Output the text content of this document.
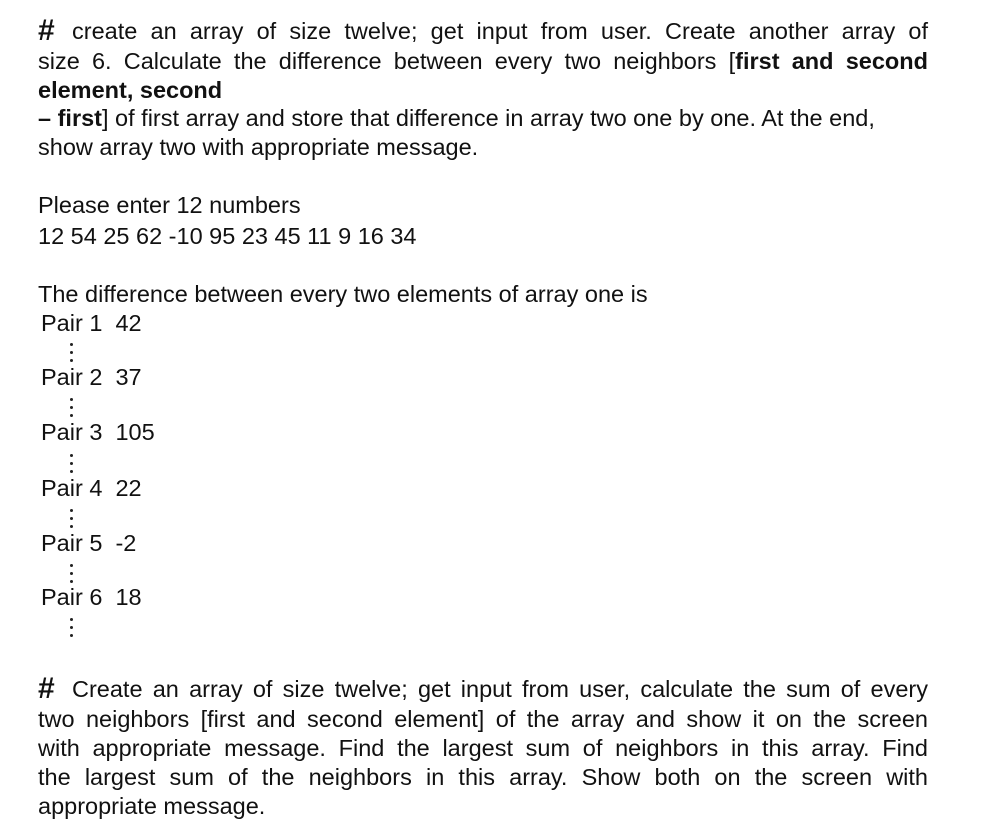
# create an array of size twelve; get input from user. Create another array of
size 6. Calculate the difference between every two neighbors [first and second
element, second
– first] of first array and store that difference in array two one by one. At the end,
show array two with appropriate message.
Please enter 12 numbers
12 54 25 62 -10 95 23 45 11 9 16 34
The difference between every two elements of array one is
Pair 1 42
Pair 2 37
Pair 3 105
Pair 4 22
Pair 5 -2
Pair 6 18
# Create an array of size twelve; get input from user, calculate the sum of every
two neighbors [first and second element] of the array and show it on the screen
with appropriate message. Find the largest sum of neighbors in this array. Find
the largest sum of the neighbors in this array. Show both on the screen with
appropriate message.
